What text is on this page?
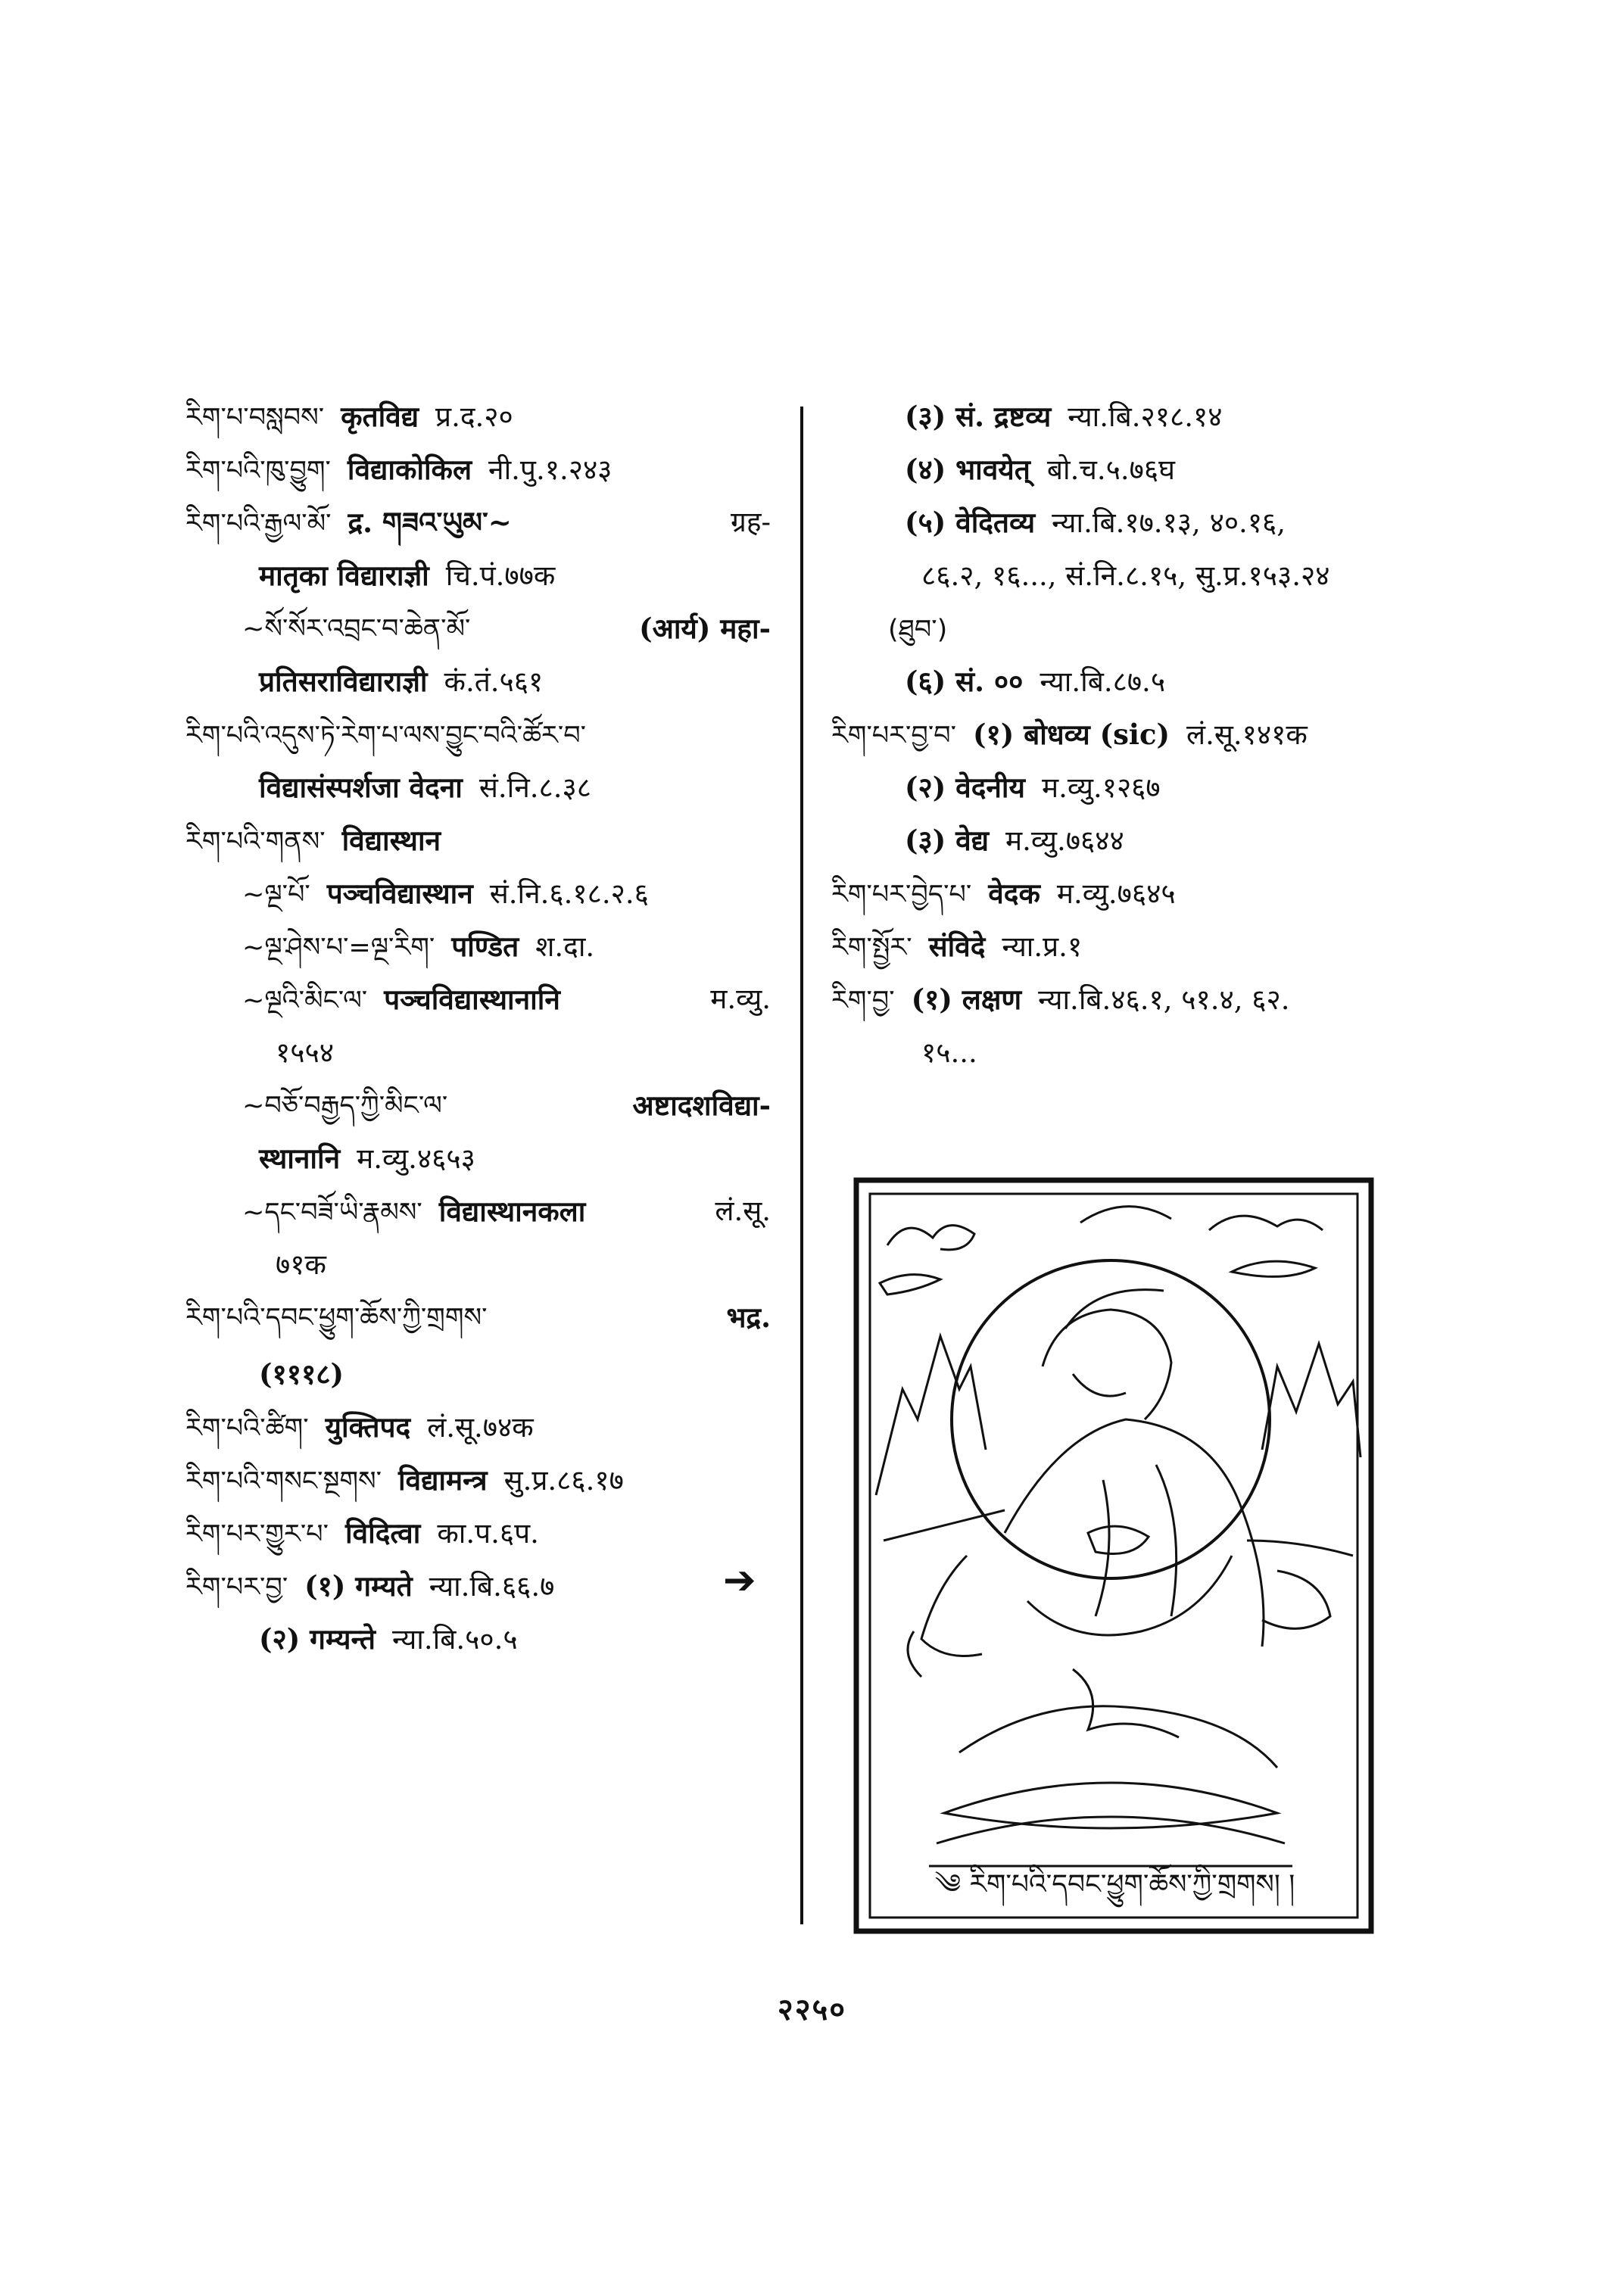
རིག་པ་བསླབས་ कृतविद्य प्र.द.२०
རིག་པའི་ཁུ་བྱུག་ विद्याकोकिल नी.पु.१.२४३
རིག་པའི་རྒྱལ་མོ་ द्र. གཟའ་ཡུམ་~	ग्रह-
मातृका विद्याराज्ञी चि.पं.७७क
~སོ་སོར་འབྲང་བ་ཆེན་མོ་	(आर्य) महा-
प्रतिसराविद्याराज्ञी कं.तं.५६१
རིག་པའི་འདུས་ཏེ་རེག་པ་ལས་བྱུང་བའི་ཚོར་བ་
विद्यासंस्पर्शजा वेदना सं.नि.८.३८
རིག་པའི་གནས་ विद्यास्थान
~ལྔ་པོ་ पञ्चविद्यास्थान सं.नि.६.१८.२.६
~ལྔ་ཤེས་པ་=ལྔ་རིག་ पण्डित श.दा.
~ལྔའི་མིང་ལ་ पञ्चविद्यास्थानानि	म.व्यु.
१५५४
~བཅོ་བརྒྱད་ཀྱི་མིང་ལ་	अष्टादशविद्या-
स्थानानि म.व्यु.४६५३
~དང་བཟོ་ཡི་རྣམས་ विद्यास्थानकला	लं.सू.
७१क
རིག་པའི་དབང་ཕྱུག་ཆོས་ཀྱི་གྲགས་	भद्र.
(१११८)
རིག་པའི་ཚིག་ युक्तिपद लं.सू.७४क
རིག་པའི་གསང་སྔགས་ विद्यामन्त्र सु.प्र.८६.१७
རིག་པར་གྱུར་པ་ विदित्वा का.प.६प.
རིག་པར་བྱ་ (१) गम्यते न्या.बि.६६.७
(२) गम्यन्ते न्या.बि.५०.५
➔
(३) सं. द्रष्टव्य न्या.बि.२१८.१४
(४) भावयेत् बो.च.५.७६घ
(५) वेदितव्य न्या.बि.१७.१३, ४०.१६,
८६.२, १६..., सं.नि.८.१५, सु.प्र.१५३.२४
(ཐུབ་)
(६) सं. ०० न्या.बि.८७.५
རིག་པར་བྱ་བ་ (१) बोधव्य (sic) लं.सू.१४१क
(२) वेदनीय म.व्यु.१२६७
(३) वेद्य म.व्यु.७६४४
རིག་པར་བྱེད་པ་ वेदक म.व्यु.७६४५
རིག་སྤྱོར་ संविदे न्या.प्र.१
རིག་བྱ་ (१) लक्षण न्या.बि.४६.१, ५१.४, ६२.
१५...
༄ རིག་པའི་དབང་ཕྱུག་ཆོས་ཀྱི་གྲགས། །
२२५०
